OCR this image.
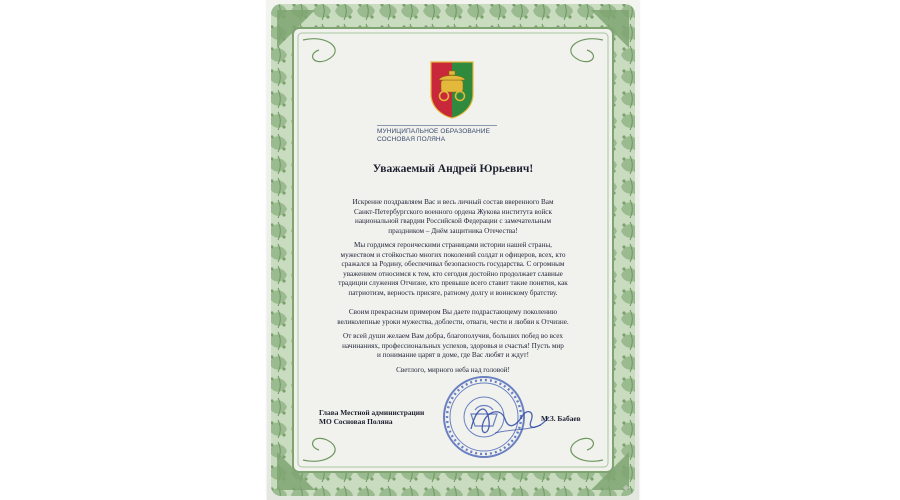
МУНИЦИПАЛЬНОЕ ОБРАЗОВАНИЕ
СОСНОВАЯ ПОЛЯНА
Уважаемый Андрей Юрьевич!
Искренне поздравляем Вас и весь личный состав вверенного Вам
Санкт-Петербургского военного ордена Жукова института войск
национальной гвардии Российской Федерации с замечательным
праздником – Днём защитника Отечества!
Мы гордимся героическими страницами истории нашей страны,
мужеством и стойкостью многих поколений солдат и офицеров, всех, кто
сражался за Родину, обеспечивал безопасность государства. С огромным
уважением относимся к тем, кто сегодня достойно продолжает славные
традиции служения Отчизне, кто превыше всего ставит такие понятия, как
патриотизм, верность присяге, ратному долгу и воинскому братству.
Своим прекрасным примером Вы даете подрастающему поколению
великолепные уроки мужества, доблести, отваги, чести и любви к Отчизне.
От всей души желаем Вам добра, благополучия, больших побед во всех
начинаниях, профессиональных успехов, здоровья и счастья! Пусть мир
и понимание царят в доме, где Вас любят и ждут!
Светлого, мирного неба над головой!
Глава Местной администрации
МО Сосновая Поляна	М.З. Бабаев
◆
